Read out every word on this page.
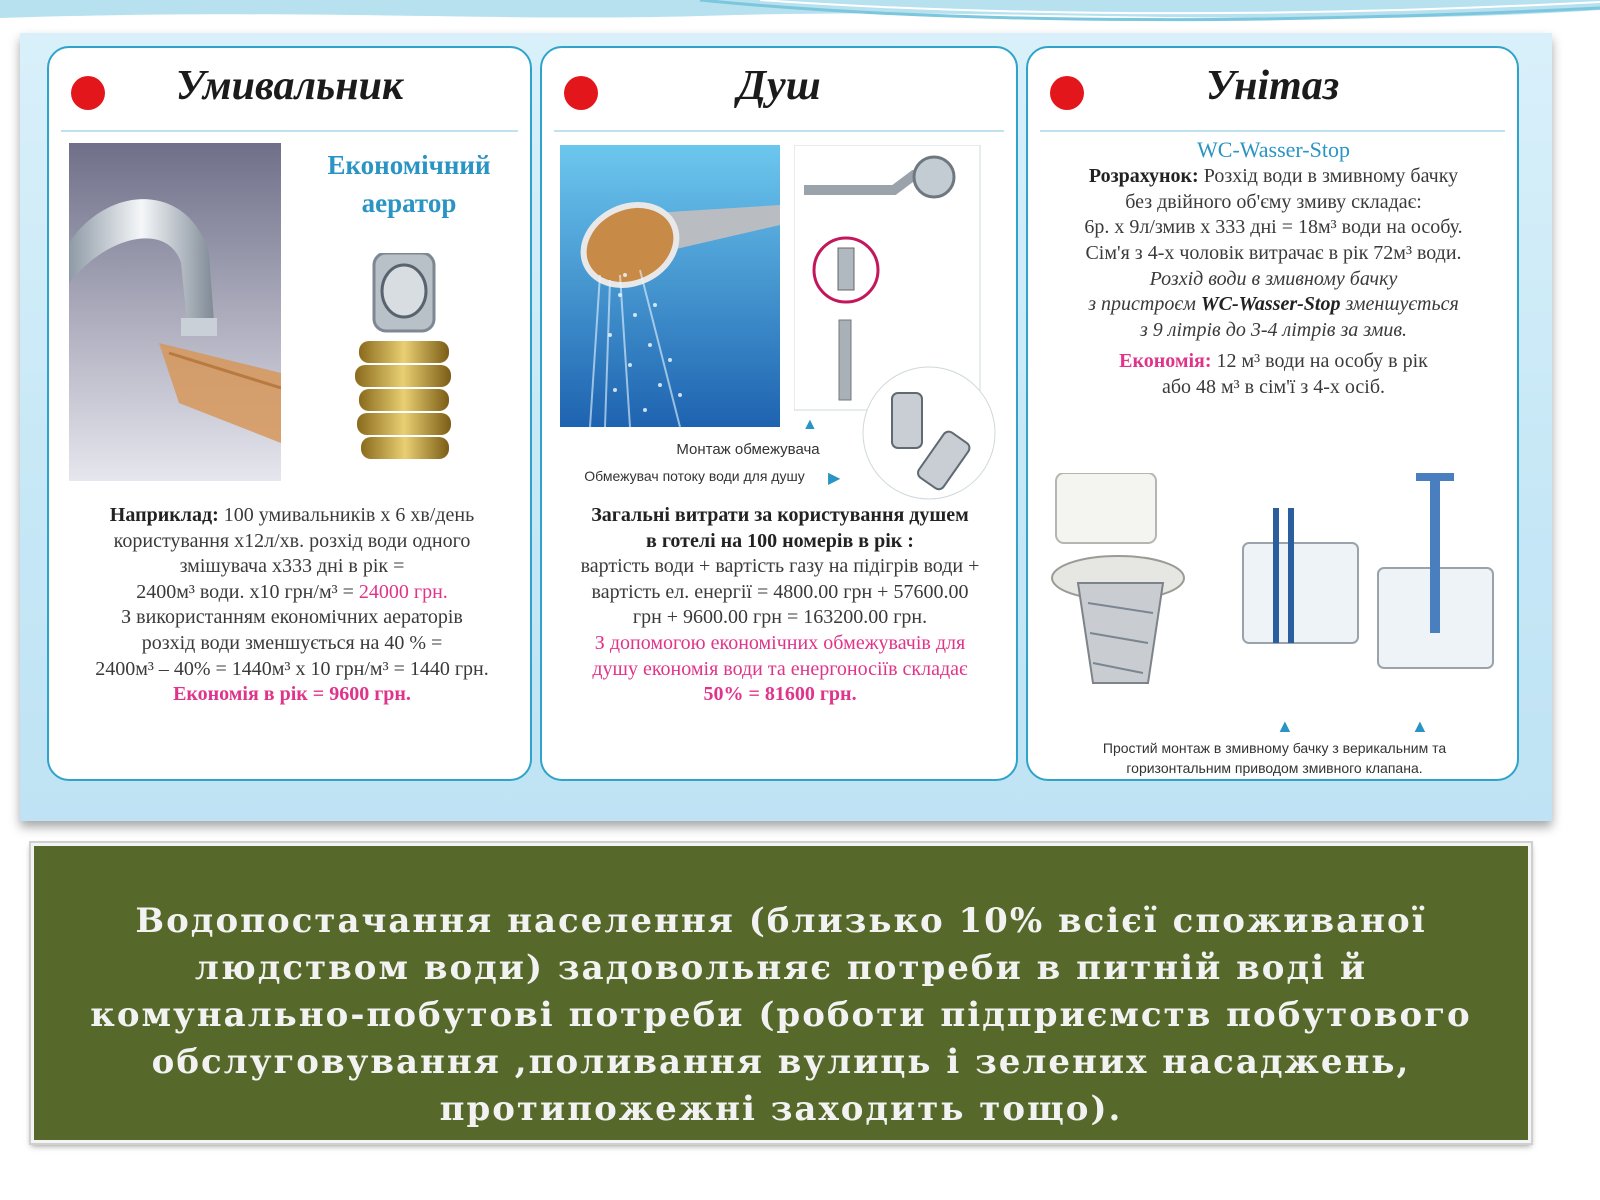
Умивальник
Економічний
аератор
Наприклад: 100 умивальників х 6 хв/день
користування х12л/хв. розхід води одного
змішувача х333 дні в рік =
2400м³ води. х10 грн/м³ = 24000 грн.
З використанням економічних аераторів
розхід води зменшується на 40 % =
2400м³ – 40% = 1440м³ х 10 грн/м³ = 1440 грн.
Економія в рік = 9600 грн.
Душ
▲
Монтаж обмежувача
Обмежувач потоку води для душу	▶
Загальні витрати за користування душем
в готелі на 100 номерів в рік :
вартість води + вартість газу на підігрів води +
вартість ел. енергії = 4800.00 грн + 57600.00
грн + 9600.00 грн = 163200.00 грн.
З допомогою економічних обмежувачів для
душу економія води та енергоносіїв складає
50% = 81600 грн.
Унітаз
WC-Wasser-Stop
Розрахунок: Розхід води в змивному бачку
без двійного об'єму змиву складає:
6р. х 9л/змив х 333 дні = 18м³ води на особу.
Сім'я з 4-х чоловік витрачає в рік 72м³ води.
Розхід води в змивному бачку
з пристроєм WC-Wasser-Stop зменшується
з 9 літрів до 3-4 літрів за змив.
Економія: 12 м³ води на особу в рік
або 48 м³ в сім'ї з 4-х осіб.
▲	▲
Простий монтаж в змивному бачку з верикальним та
горизонтальним приводом змивного клапана.
Водопостачання населення (близько 10% всієї споживаної людством води) задовольняє потреби в питній воді й комунально-побутові потреби (роботи підприємств побутового обслуговування ,поливання вулиць і зелених насаджень, протипожежні заходить тощо).
